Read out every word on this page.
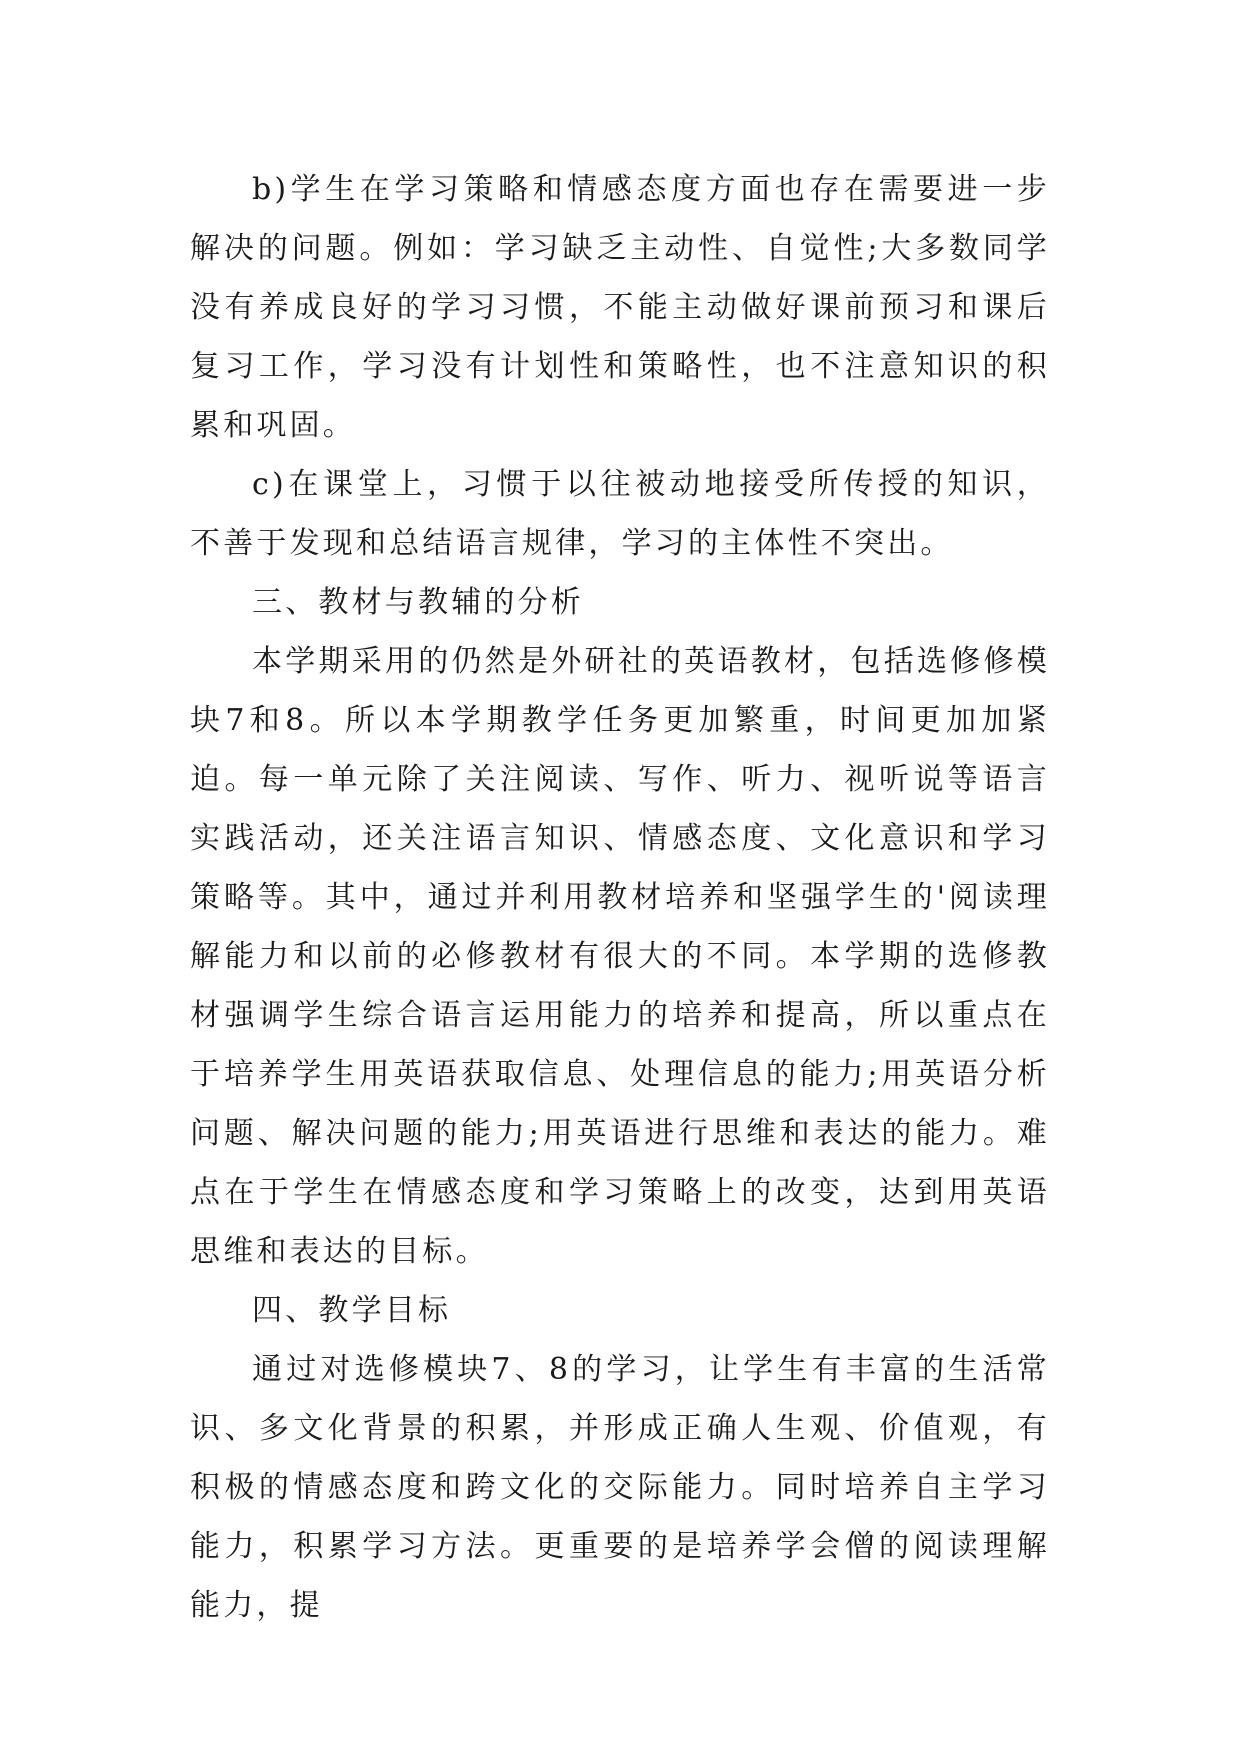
b)学生在学习策略和情感态度方面也存在需要进一步解决的问题。例如：学习缺乏主动性、自觉性;大多数同学没有养成良好的学习习惯，不能主动做好课前预习和课后复习工作，学习没有计划性和策略性，也不注意知识的积累和巩固。

c)在课堂上，习惯于以往被动地接受所传授的知识，不善于发现和总结语言规律，学习的主体性不突出。

三、教材与教辅的分析

本学期采用的仍然是外研社的英语教材，包括选修修模块7和8。所以本学期教学任务更加繁重，时间更加加紧迫。每一单元除了关注阅读、写作、听力、视听说等语言实践活动，还关注语言知识、情感态度、文化意识和学习策略等。其中，通过并利用教材培养和坚强学生的'阅读理解能力和以前的必修教材有很大的不同。本学期的选修教材强调学生综合语言运用能力的培养和提高，所以重点在于培养学生用英语获取信息、处理信息的能力;用英语分析问题、解决问题的能力;用英语进行思维和表达的能力。难点在于学生在情感态度和学习策略上的改变，达到用英语思维和表达的目标。

四、教学目标

通过对选修模块7、8的学习，让学生有丰富的生活常识、多文化背景的积累，并形成正确人生观、价值观，有积极的情感态度和跨文化的交际能力。同时培养自主学习能力，积累学习方法。更重要的是培养学会僧的阅读理解能力，提
